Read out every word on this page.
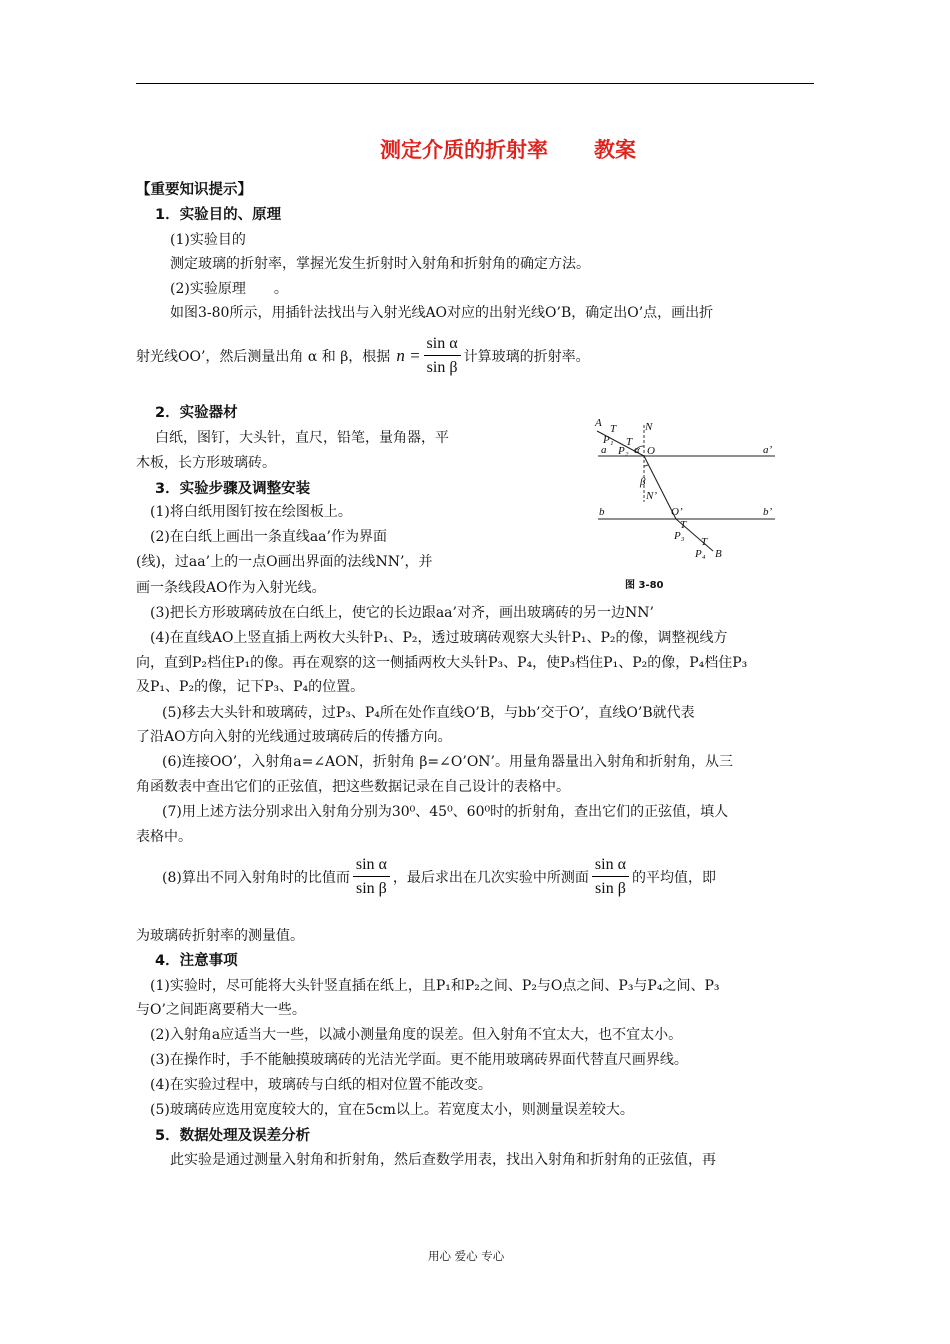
测定介质的折射率 教案
【重要知识提示】
1．实验目的、原理
(1)实验目的
测定玻璃的折射率，掌握光发生折射时入射角和折射角的确定方法。
(2)实验原理　　。
如图3-80所示，用插针法找出与入射光线AO对应的出射光线O’B，确定出O’点，画出折
射光线OO’，然后测量出角 α 和 β，根据 $n = \frac{\text{sin α}}{\text{sin β}}$ 计算玻璃的折射率。
2．实验器材
白纸，图钉，大头针，直尺，铅笔，量角器，平
木板，长方形玻璃砖。
3．实验步骤及调整安装
(1)将白纸用图钉按在绘图板上。
(2)在白纸上画出一条直线aa’作为界面
(线)，过aa’上的一点O画出界面的法线NN’，并
画一条线段AO作为入射光线。
(3)把长方形玻璃砖放在白纸上，使它的长边跟aa’对齐，画出玻璃砖的另一边NN’
(4)在直线AO上竖直插上两枚大头针P₁、P₂，透过玻璃砖观察大头针P₁、P₂的像，调整视线方
向，直到P₂档住P₁的像。再在观察的这一侧插两枚大头针P₃、P₄，使P₃档住P₁、P₂的像，P₄档住P₃
及P₁、P₂的像，记下P₃、P₄的位置。
(5)移去大头针和玻璃砖，过P₃、P₄所在处作直线O’B，与bb’交于O’，直线O’B就代表
了沿AO方向入射的光线通过玻璃砖后的传播方向。
(6)连接OO’，入射角a=∠AON，折射角 β=∠O’ON’。用量角器量出入射角和折射角，从三
角函数表中查出它们的正弦值，把这些数据记录在自己设计的表格中。
(7)用上述方法分别求出入射角分别为30⁰、45⁰、60⁰时的折射角，查出它们的正弦值，填人
表格中。
(8)算出不同入射角时的比值而 $\frac{\text{sin α}}{\text{sin β}}$ ，最后求出在几次实验中所测面 $\frac{\text{sin α}}{\text{sin β}}$ 的平均值，即
为玻璃砖折射率的测量值。
4．注意事项
(1)实验时，尽可能将大头针竖直插在纸上，且P₁和P₂之间、P₂与O点之间、P₃与P₄之间、P₃
与O’之间距离要稍大一些。
(2)入射角a应适当大一些，以减小测量角度的误差。但入射角不宜太大，也不宜太小。
(3)在操作时，手不能触摸玻璃砖的光洁光学面。更不能用玻璃砖界面代替直尺画界线。
(4)在实验过程中，玻璃砖与白纸的相对位置不能改变。
(5)玻璃砖应选用宽度较大的，宜在5cm以上。若宽度太小，则测量误差较大。
5．数据处理及误差分析
此实验是通过测量入射角和折射角，然后查数学用表，找出入射角和折射角的正弦值，再
A T
P₁ T
N
a P₂ α O	a’
β
N’
b	O’	b’
T
P₃ T
P₄ B
图 3-80
用心 爱心 专心
